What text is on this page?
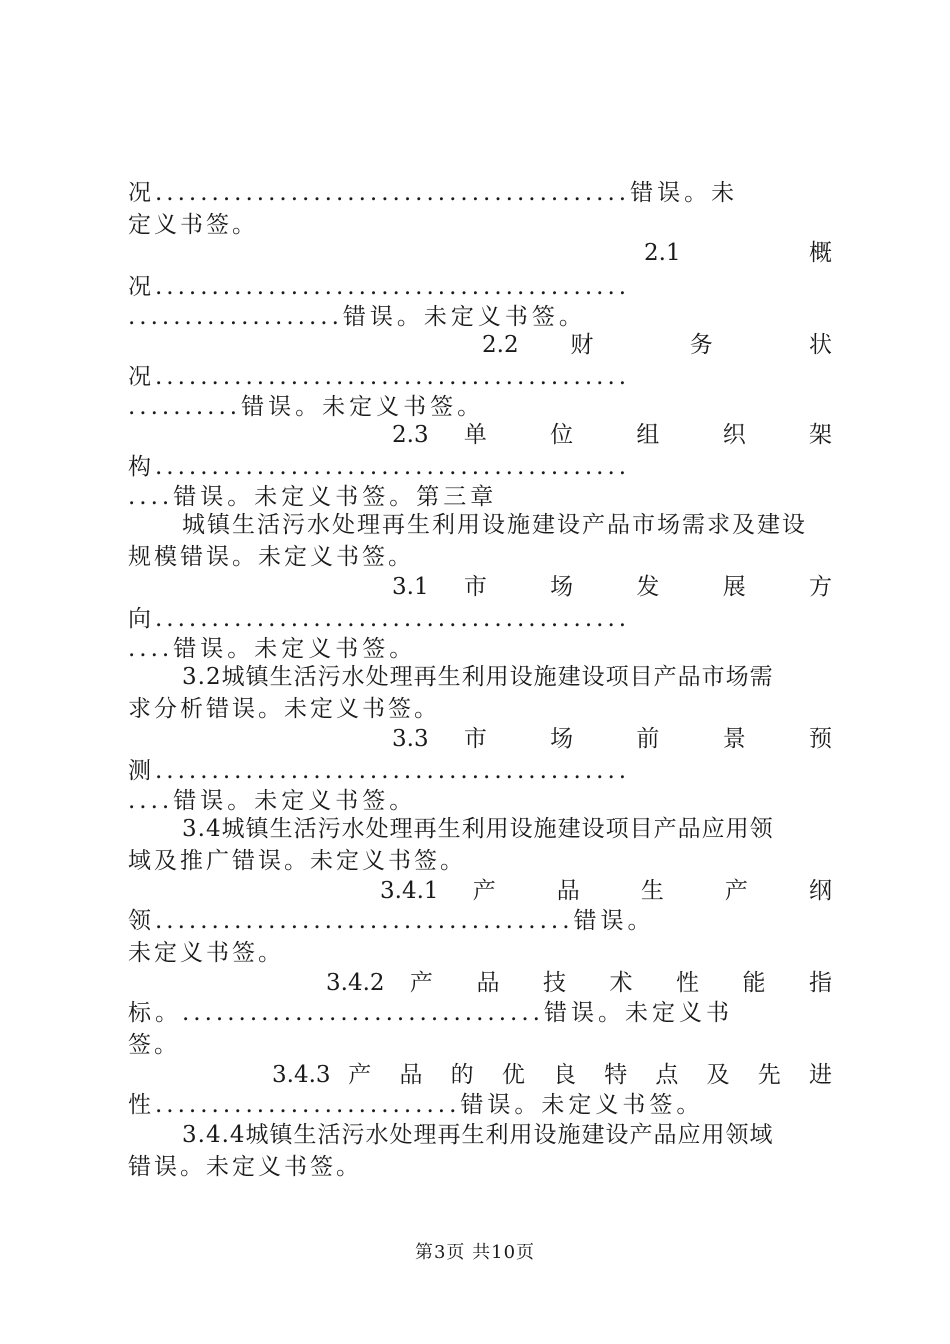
况..........................................错误。未
定义书签。
2.1 概
况..........................................
...................错误。未定义书签。
2.2 财 务 状
况..........................................
..........错误。未定义书签。
2.3 单 位 组 织 架
构..........................................
....错误。未定义书签。第三章
城镇生活污水处理再生利用设施建设产品市场需求及建设
规模错误。未定义书签。
3.1 市 场 发 展 方
向..........................................
....错误。未定义书签。
3.2城镇生活污水处理再生利用设施建设项目产品市场需
求分析错误。未定义书签。
3.3 市 场 前 景 预
测..........................................
....错误。未定义书签。
3.4城镇生活污水处理再生利用设施建设项目产品应用领
域及推广错误。未定义书签。
3.4.1 产 品 生 产 纲
领.....................................错误。
未定义书签。
3.4.2 产 品 技 术 性 能 指
标。................................错误。未定义书
签。
3.4.3 产 品 的 优 良 特 点 及 先 进
性...........................错误。未定义书签。
3.4.4城镇生活污水处理再生利用设施建设产品应用领域
错误。未定义书签。
第3页 共10页
